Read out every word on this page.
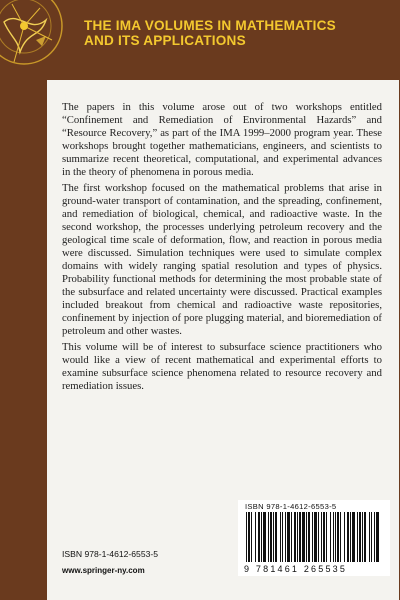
THE IMA VOLUMES IN MATHEMATICS
AND ITS APPLICATIONS

The papers in this volume arose out of two workshops entitled “Confinement and Remediation of Environmental Hazards” and “Resource Recovery,” as part of the IMA 1999–2000 program year. These workshops brought together mathematicians, engineers, and scientists to summarize recent theoretical, computational, and experimental advances in the theory of phenomena in porous media.

The first workshop focused on the mathematical problems that arise in ground-water transport of contamination, and the spreading, confinement, and remediation of biological, chemical, and radioactive waste. In the second workshop, the processes underlying petroleum recovery and the geological time scale of deformation, flow, and reaction in porous media were discussed. Simulation techniques were used to simulate complex domains with widely ranging spatial resolution and types of physics. Probability functional methods for determining the most probable state of the subsurface and related uncertainty were discussed. Practical examples included breakout from chemical and radioactive waste repositories, confinement by injection of pore plugging material, and bioremediation of petroleum and other wastes.

This volume will be of interest to subsurface science practitioners who would like a view of recent mathematical and experimental efforts to examine subsurface science phenomena related to resource recovery and remediation issues.

ISBN 978-1-4612-6553-5
9 781461 265535
ISBN 978-1-4612-6553-5
www.springer-ny.com
